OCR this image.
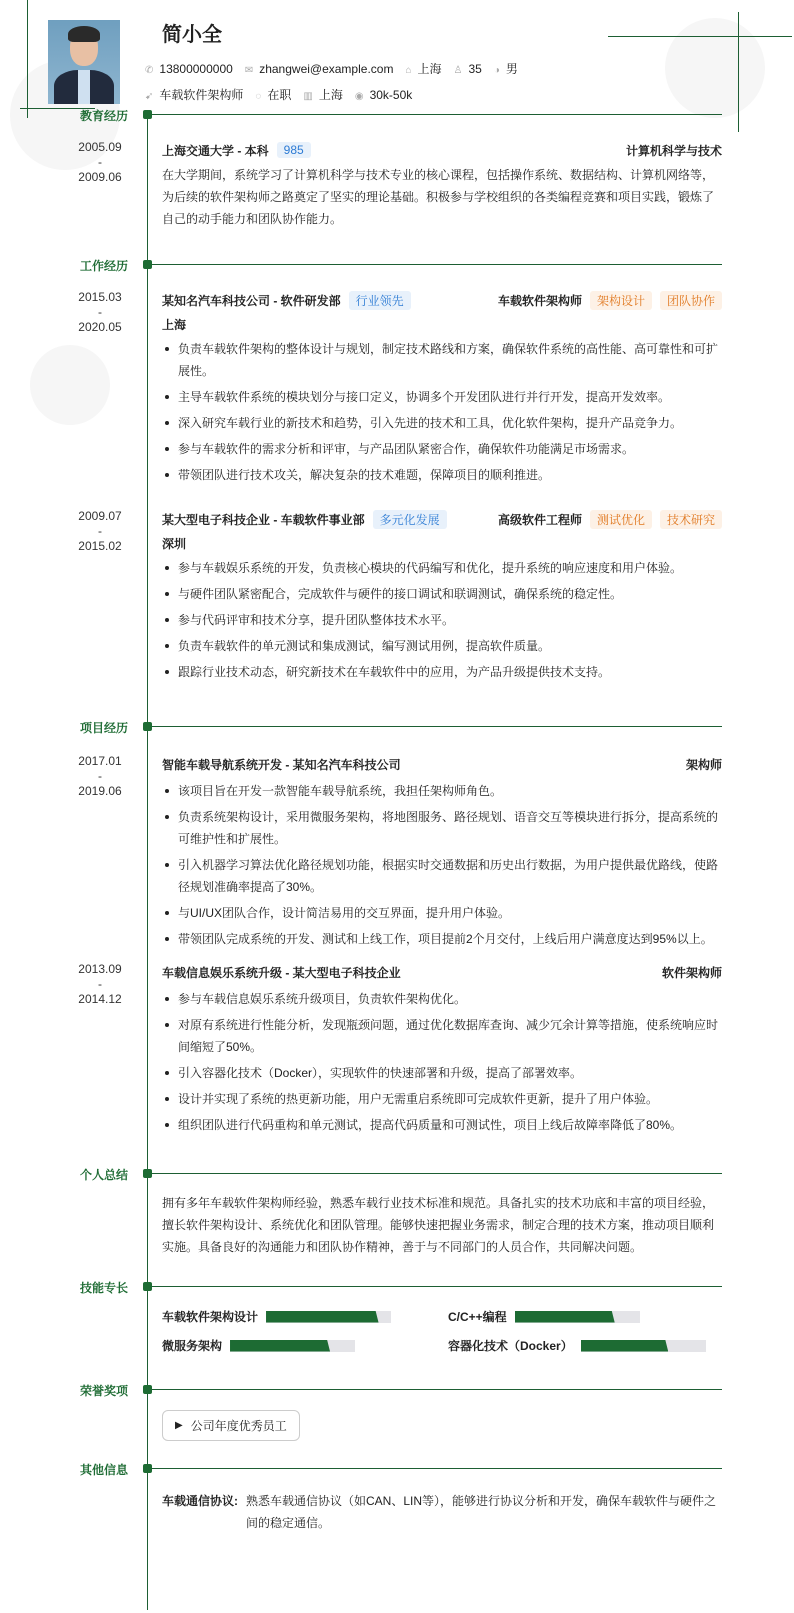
简小全
✆ 13800000000 ✉ zhangwei@example.com ⌂ 上海 ♙ 35 ◑ 男
➹ 车载软件架构师 ◌ 在职 ▥ 上海 ◉ 30k-50k
教育经历
2005.09
-
2009.06
上海交通大学 - 本科	985	计算机科学与技术

在大学期间，系统学习了计算机科学与技术专业的核心课程，包括操作系统、数据结构、计算机网络等，为后续的软件架构师之路奠定了坚实的理论基础。积极参与学校组织的各类编程竞赛和项目实践，锻炼了自己的动手能力和团队协作能力。

工作经历
2015.03
-
2020.05
某知名汽车科技公司 - 软件研发部	行业领先	车载软件架构师	架构设计	团队协作
上海
负责车载软件架构的整体设计与规划，制定技术路线和方案，确保软件系统的高性能、高可靠性和可扩展性。
主导车载软件系统的模块划分与接口定义，协调多个开发团队进行并行开发，提高开发效率。
深入研究车载行业的新技术和趋势，引入先进的技术和工具，优化软件架构，提升产品竞争力。
参与车载软件的需求分析和评审，与产品团队紧密合作，确保软件功能满足市场需求。
带领团队进行技术攻关，解决复杂的技术难题，保障项目的顺利推进。
2009.07
-
2015.02
某大型电子科技企业 - 车载软件事业部	多元化发展	高级软件工程师	测试优化	技术研究
深圳
参与车载娱乐系统的开发，负责核心模块的代码编写和优化，提升系统的响应速度和用户体验。
与硬件团队紧密配合，完成软件与硬件的接口调试和联调测试，确保系统的稳定性。
参与代码评审和技术分享，提升团队整体技术水平。
负责车载软件的单元测试和集成测试，编写测试用例，提高软件质量。
跟踪行业技术动态，研究新技术在车载软件中的应用，为产品升级提供技术支持。
项目经历
2017.01
-
2019.06
智能车载导航系统开发 - 某知名汽车科技公司	架构师
该项目旨在开发一款智能车载导航系统，我担任架构师角色。
负责系统架构设计，采用微服务架构，将地图服务、路径规划、语音交互等模块进行拆分，提高系统的可维护性和扩展性。
引入机器学习算法优化路径规划功能，根据实时交通数据和历史出行数据，为用户提供最优路线，使路径规划准确率提高了30%。
与UI/UX团队合作，设计简洁易用的交互界面，提升用户体验。
带领团队完成系统的开发、测试和上线工作，项目提前2个月交付，上线后用户满意度达到95%以上。
2013.09
-
2014.12
车载信息娱乐系统升级 - 某大型电子科技企业	软件架构师
参与车载信息娱乐系统升级项目，负责软件架构优化。
对原有系统进行性能分析，发现瓶颈问题，通过优化数据库查询、减少冗余计算等措施，使系统响应时间缩短了50%。
引入容器化技术（Docker），实现软件的快速部署和升级，提高了部署效率。
设计并实现了系统的热更新功能，用户无需重启系统即可完成软件更新，提升了用户体验。
组织团队进行代码重构和单元测试，提高代码质量和可测试性，项目上线后故障率降低了80%。
个人总结

拥有多年车载软件架构师经验，熟悉车载行业技术标准和规范。具备扎实的技术功底和丰富的项目经验，擅长软件架构设计、系统优化和团队管理。能够快速把握业务需求，制定合理的技术方案，推动项目顺利实施。具备良好的沟通能力和团队协作精神，善于与不同部门的人员合作，共同解决问题。

技能专长
车载软件架构设计	C/C++编程
微服务架构	容器化技术（Docker）
荣誉奖项
▶ 公司年度优秀员工
其他信息
车载通信协议: 熟悉车载通信协议（如CAN、LIN等），能够进行协议分析和开发，确保车载软件与硬件之间的稳定通信。
